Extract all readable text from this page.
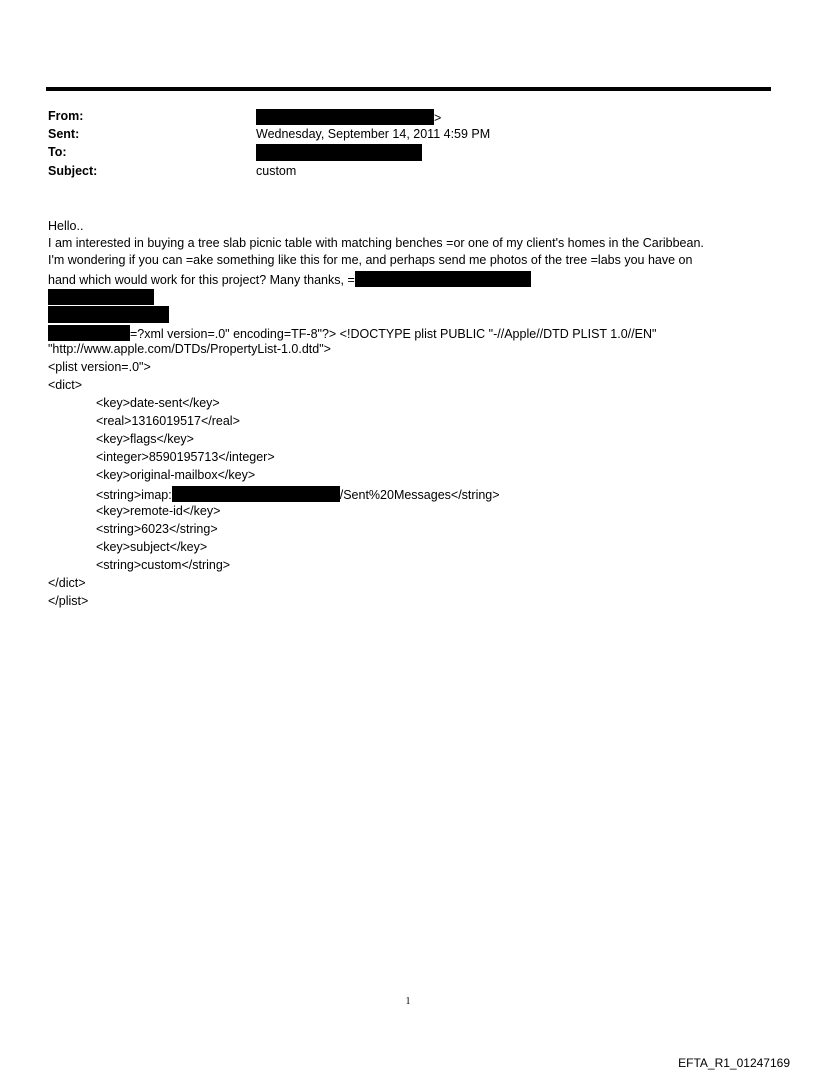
From:	>
Sent:	Wednesday, September 14, 2011 4:59 PM
To:
Subject:	custom
Hello..
I am interested in buying a tree slab picnic table with matching benches =or one of my client's homes in the Caribbean.
I'm wondering if you can =ake something like this for me, and perhaps send me photos of the tree =labs you have on
hand which would work for this project? Many thanks, =
=?xml version=.0" encoding=TF-8"?> <!DOCTYPE plist PUBLIC "-//Apple//DTD PLIST 1.0//EN"
"http://www.apple.com/DTDs/PropertyList-1.0.dtd">
<plist version=.0">
<dict>
<key>date-sent</key>
<real>1316019517</real>
<key>flags</key>
<integer>8590195713</integer>
<key>original-mailbox</key>
<string>imap:	/Sent%20Messages</string>
<key>remote-id</key>
<string>6023</string>
<key>subject</key>
<string>custom</string>
</dict>
</plist>
1
EFTA_R1_01247169
